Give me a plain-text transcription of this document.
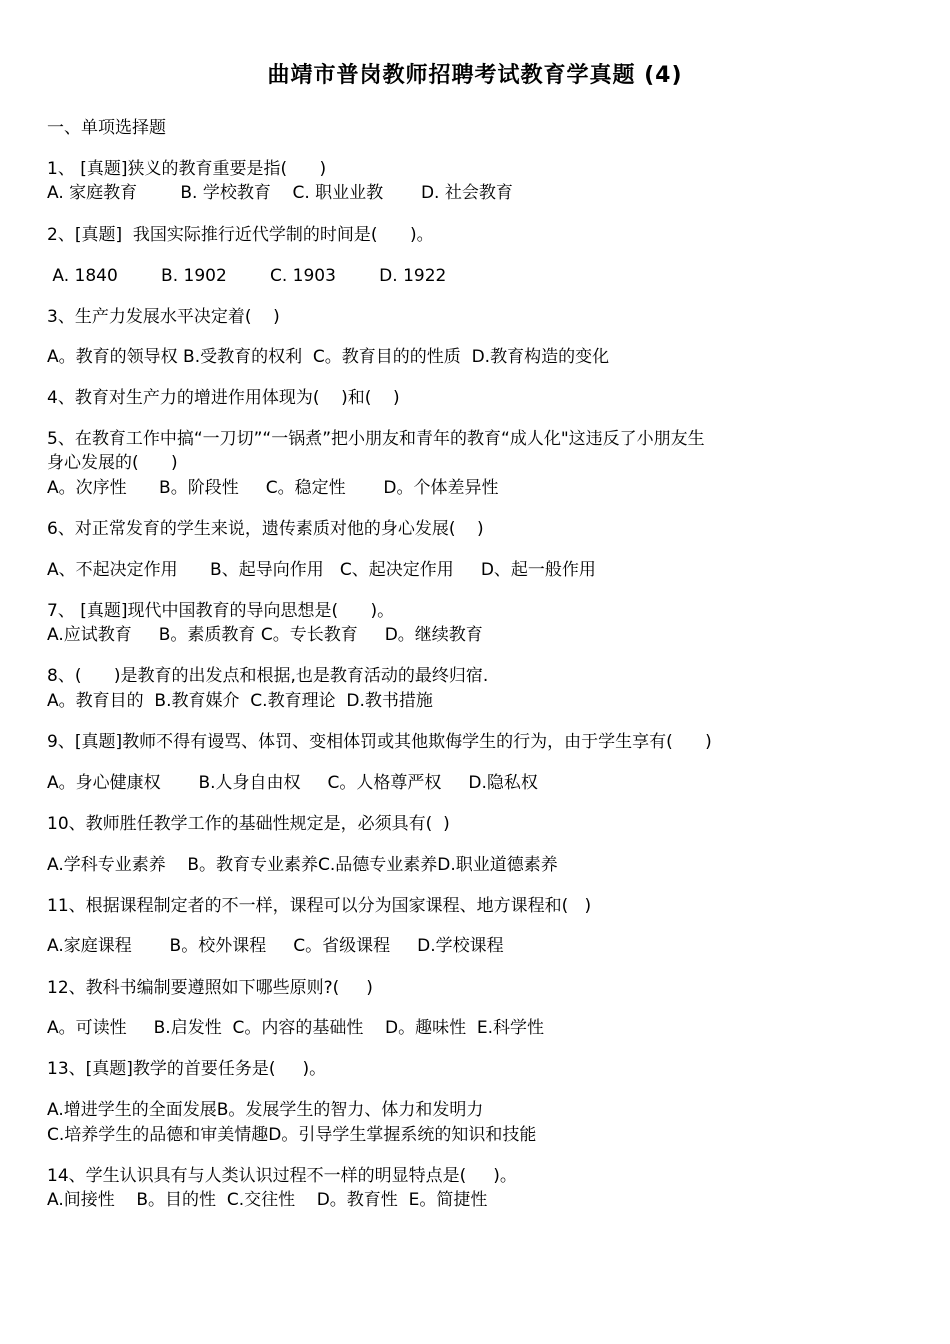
曲靖市普岗教师招聘考试教育学真题 (4)
一、单项选择题
1、 [真题]狭义的教育重要是指(      )
A. 家庭教育        B. 学校教育    C. 职业业教       D. 社会教育
2、[真题]  我国实际推行近代学制的时间是(      )。
A. 1840        B. 1902        C. 1903        D. 1922
3、生产力发展水平决定着(    )
A。教育的领导权 B.受教育的权利  C。教育目的的性质  D.教育构造的变化
4、教育对生产力的增进作用体现为(    )和(    )
5、在教育工作中搞“一刀切”“一锅煮”把小朋友和青年的教育“成人化"这违反了小朋友生
身心发展的(      )
A。次序性      B。阶段性     C。稳定性       D。个体差异性
6、对正常发育的学生来说，遗传素质对他的身心发展(    )
A、不起决定作用      B、起导向作用   C、起决定作用     D、起一般作用
7、 [真题]现代中国教育的导向思想是(      )。
A.应试教育     B。素质教育 C。专长教育     D。继续教育
8、(      )是教育的出发点和根据,也是教育活动的最终归宿.
A。教育目的  B.教育媒介  C.教育理论  D.教书措施
9、[真题]教师不得有谩骂、体罚、变相体罚或其他欺侮学生的行为，由于学生享有(      )
A。身心健康权       B.人身自由权     C。人格尊严权     D.隐私权
10、教师胜任教学工作的基础性规定是，必须具有(  )
A.学科专业素养    B。教育专业素养C.品德专业素养D.职业道德素养
11、根据课程制定者的不一样，课程可以分为国家课程、地方课程和(   )
A.家庭课程       B。校外课程     C。省级课程     D.学校课程
12、教科书编制要遵照如下哪些原则?(     )
A。可读性     B.启发性  C。内容的基础性    D。趣味性  E.科学性
13、[真题]教学的首要任务是(     )。
A.增进学生的全面发展B。发展学生的智力、体力和发明力
C.培养学生的品德和审美情趣D。引导学生掌握系统的知识和技能
14、学生认识具有与人类认识过程不一样的明显特点是(     )。
A.间接性    B。目的性  C.交往性    D。教育性  E。简捷性
